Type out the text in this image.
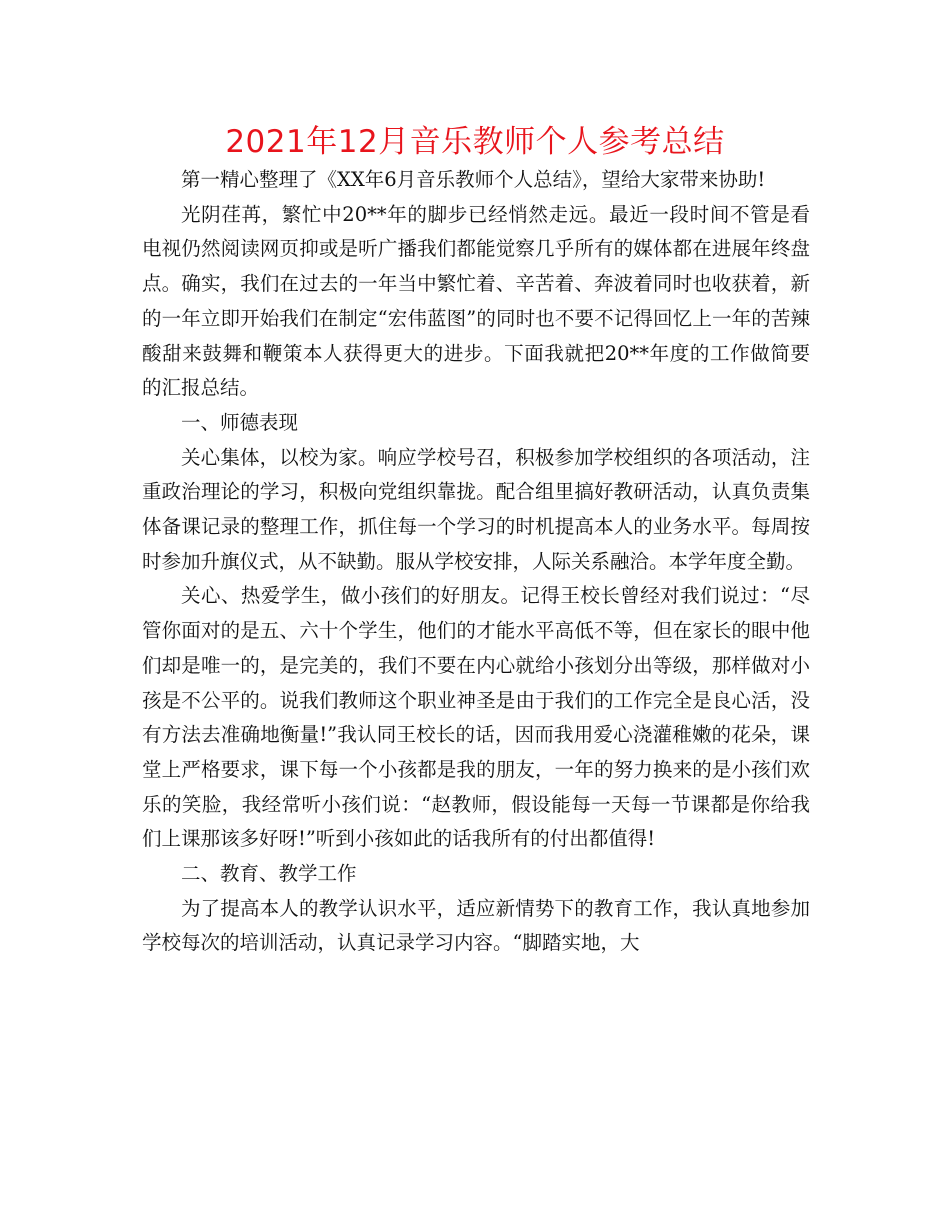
2021年12月音乐教师个人参考总结

第一精心整理了《XX年6月音乐教师个人总结》，望给大家带来协助!

光阴荏苒，繁忙中20**年的脚步已经悄然走远。最近一段时间不管是看电视仍然阅读网页抑或是听广播我们都能觉察几乎所有的媒体都在进展年终盘点。确实，我们在过去的一年当中繁忙着、辛苦着、奔波着同时也收获着，新的一年立即开始我们在制定“宏伟蓝图”的同时也不要不记得回忆上一年的苦辣酸甜来鼓舞和鞭策本人获得更大的进步。下面我就把20**年度的工作做简要的汇报总结。

一、师德表现

关心集体，以校为家。响应学校号召，积极参加学校组织的各项活动，注重政治理论的学习，积极向党组织靠拢。配合组里搞好教研活动，认真负责集体备课记录的整理工作，抓住每一个学习的时机提高本人的业务水平。每周按时参加升旗仪式，从不缺勤。服从学校安排，人际关系融洽。本学年度全勤。

关心、热爱学生，做小孩们的好朋友。记得王校长曾经对我们说过：“尽管你面对的是五、六十个学生，他们的才能水平高低不等，但在家长的眼中他们却是唯一的，是完美的，我们不要在内心就给小孩划分出等级，那样做对小孩是不公平的。说我们教师这个职业神圣是由于我们的工作完全是良心活，没有方法去准确地衡量!”我认同王校长的话，因而我用爱心浇灌稚嫩的花朵，课堂上严格要求，课下每一个小孩都是我的朋友，一年的努力换来的是小孩们欢乐的笑脸，我经常听小孩们说：“赵教师，假设能每一天每一节课都是你给我们上课那该多好呀!”听到小孩如此的话我所有的付出都值得!

二、教育、教学工作

为了提高本人的教学认识水平，适应新情势下的教育工作，我认真地参加学校每次的培训活动，认真记录学习内容。“脚踏实地，大
